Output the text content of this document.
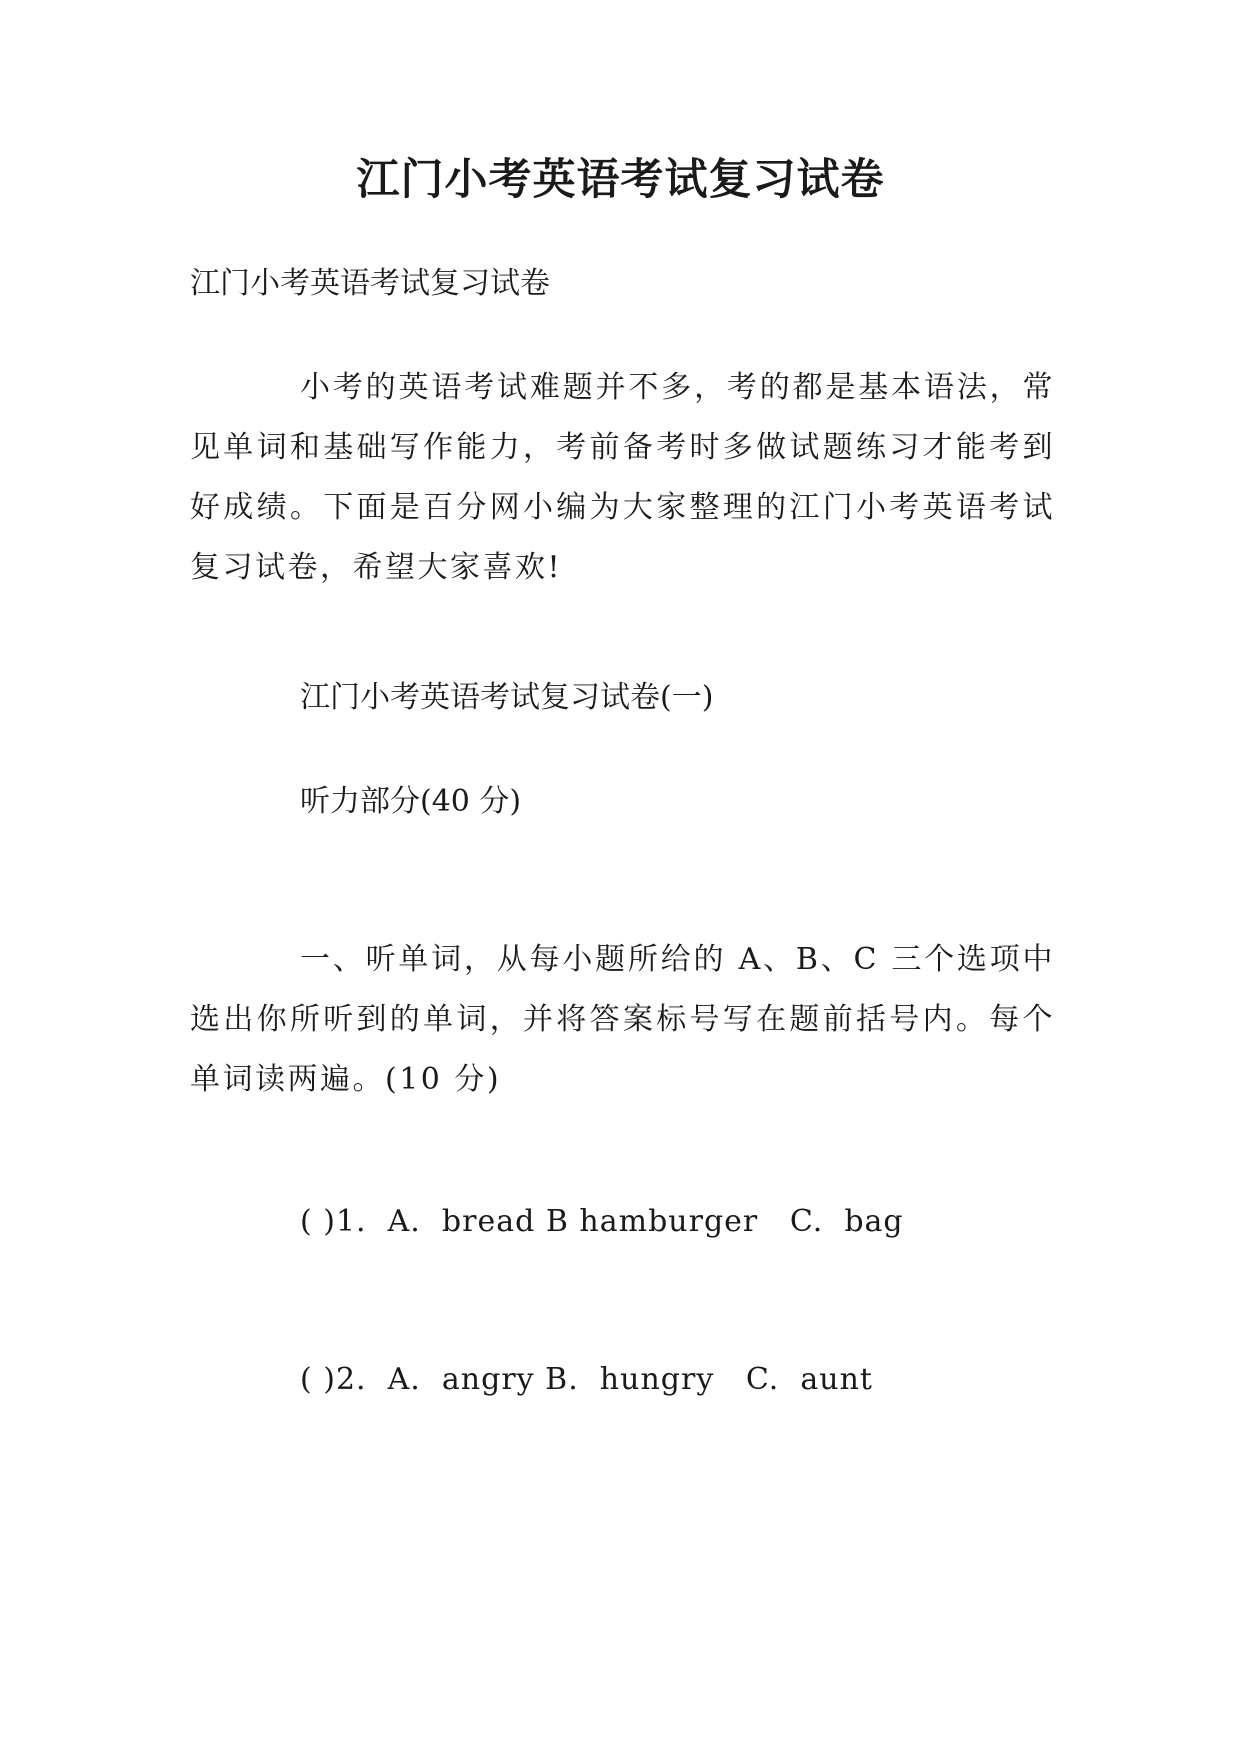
江门小考英语考试复习试卷

江门小考英语考试复习试卷

小考的英语考试难题并不多，考的都是基本语法，常见单词和基础写作能力，考前备考时多做试题练习才能考到好成绩。下面是百分网小编为大家整理的江门小考英语考试复习试卷，希望大家喜欢!

江门小考英语考试复习试卷(一)

听力部分(40 分)

一、听单词，从每小题所给的 A、B、C 三个选项中选出你所听到的单词，并将答案标号写在题前括号内。每个单词读两遍。(10 分)

( )1.  A.  bread B hamburger   C.  bag

( )2.  A.  angry B.  hungry   C.  aunt
